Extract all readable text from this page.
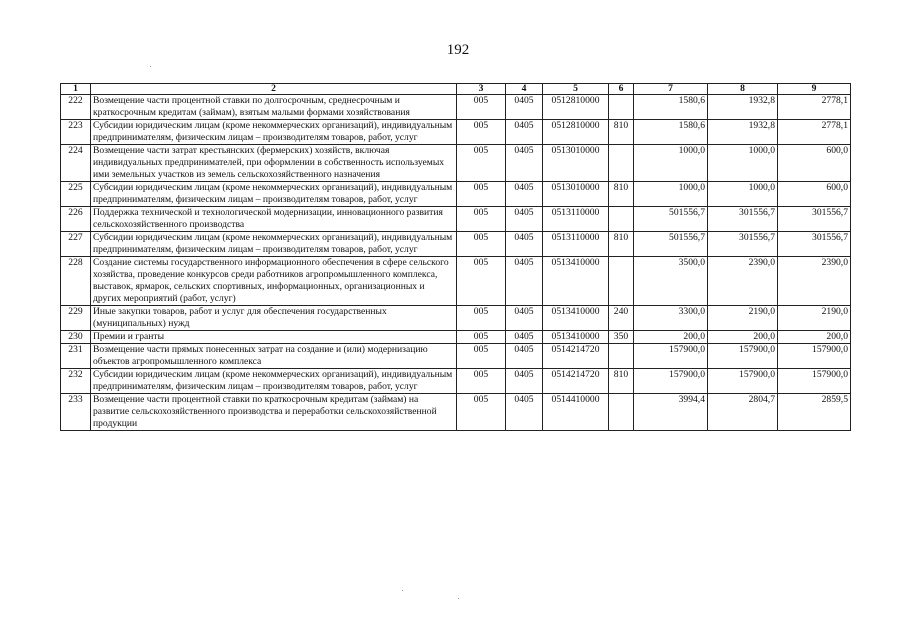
192
1	2	3	4	5	6	7	8	9
222	Возмещение части процентной ставки по долгосрочным, среднесрочным и краткосрочным кредитам (займам), взятым малыми формами хозяйствования	005	0405	0512810000		1580,6	1932,8	2778,1
223	Субсидии юридическим лицам (кроме некоммерческих организаций), индивидуальным предпринимателям, физическим лицам – производителям товаров, работ, услуг	005	0405	0512810000	810	1580,6	1932,8	2778,1
224	Возмещение части затрат крестьянских (фермерских) хозяйств, включая индивидуальных предпринимателей, при оформлении в собственность используемых ими земельных участков из земель сельскохозяйственного назначения	005	0405	0513010000		1000,0	1000,0	600,0
225	Субсидии юридическим лицам (кроме некоммерческих организаций), индивидуальным предпринимателям, физическим лицам – производителям товаров, работ, услуг	005	0405	0513010000	810	1000,0	1000,0	600,0
226	Поддержка технической и технологической модернизации, инновационного развития сельскохозяйственного производства	005	0405	0513110000		501556,7	301556,7	301556,7
227	Субсидии юридическим лицам (кроме некоммерческих организаций), индивидуальным предпринимателям, физическим лицам – производителям товаров, работ, услуг	005	0405	0513110000	810	501556,7	301556,7	301556,7
228	Создание системы государственного информационного обеспечения в сфере сельского хозяйства, проведение конкурсов среди работников агропромышленного комплекса, выставок, ярмарок, сельских спортивных, информационных, организационных и других мероприятий (работ, услуг)	005	0405	0513410000		3500,0	2390,0	2390,0
229	Иные закупки товаров, работ и услуг для обеспечения государственных (муниципальных) нужд	005	0405	0513410000	240	3300,0	2190,0	2190,0
230	Премии и гранты	005	0405	0513410000	350	200,0	200,0	200,0
231	Возмещение части прямых понесенных затрат на создание и (или) модернизацию объектов агропромышленного комплекса	005	0405	0514214720		157900,0	157900,0	157900,0
232	Субсидии юридическим лицам (кроме некоммерческих организаций), индивидуальным предпринимателям, физическим лицам – производителям товаров, работ, услуг	005	0405	0514214720	810	157900,0	157900,0	157900,0
233	Возмещение части процентной ставки по краткосрочным кредитам (займам) на развитие сельскохозяйственного производства и переработки сельскохозяйственной продукции	005	0405	0514410000		3994,4	2804,7	2859,5
